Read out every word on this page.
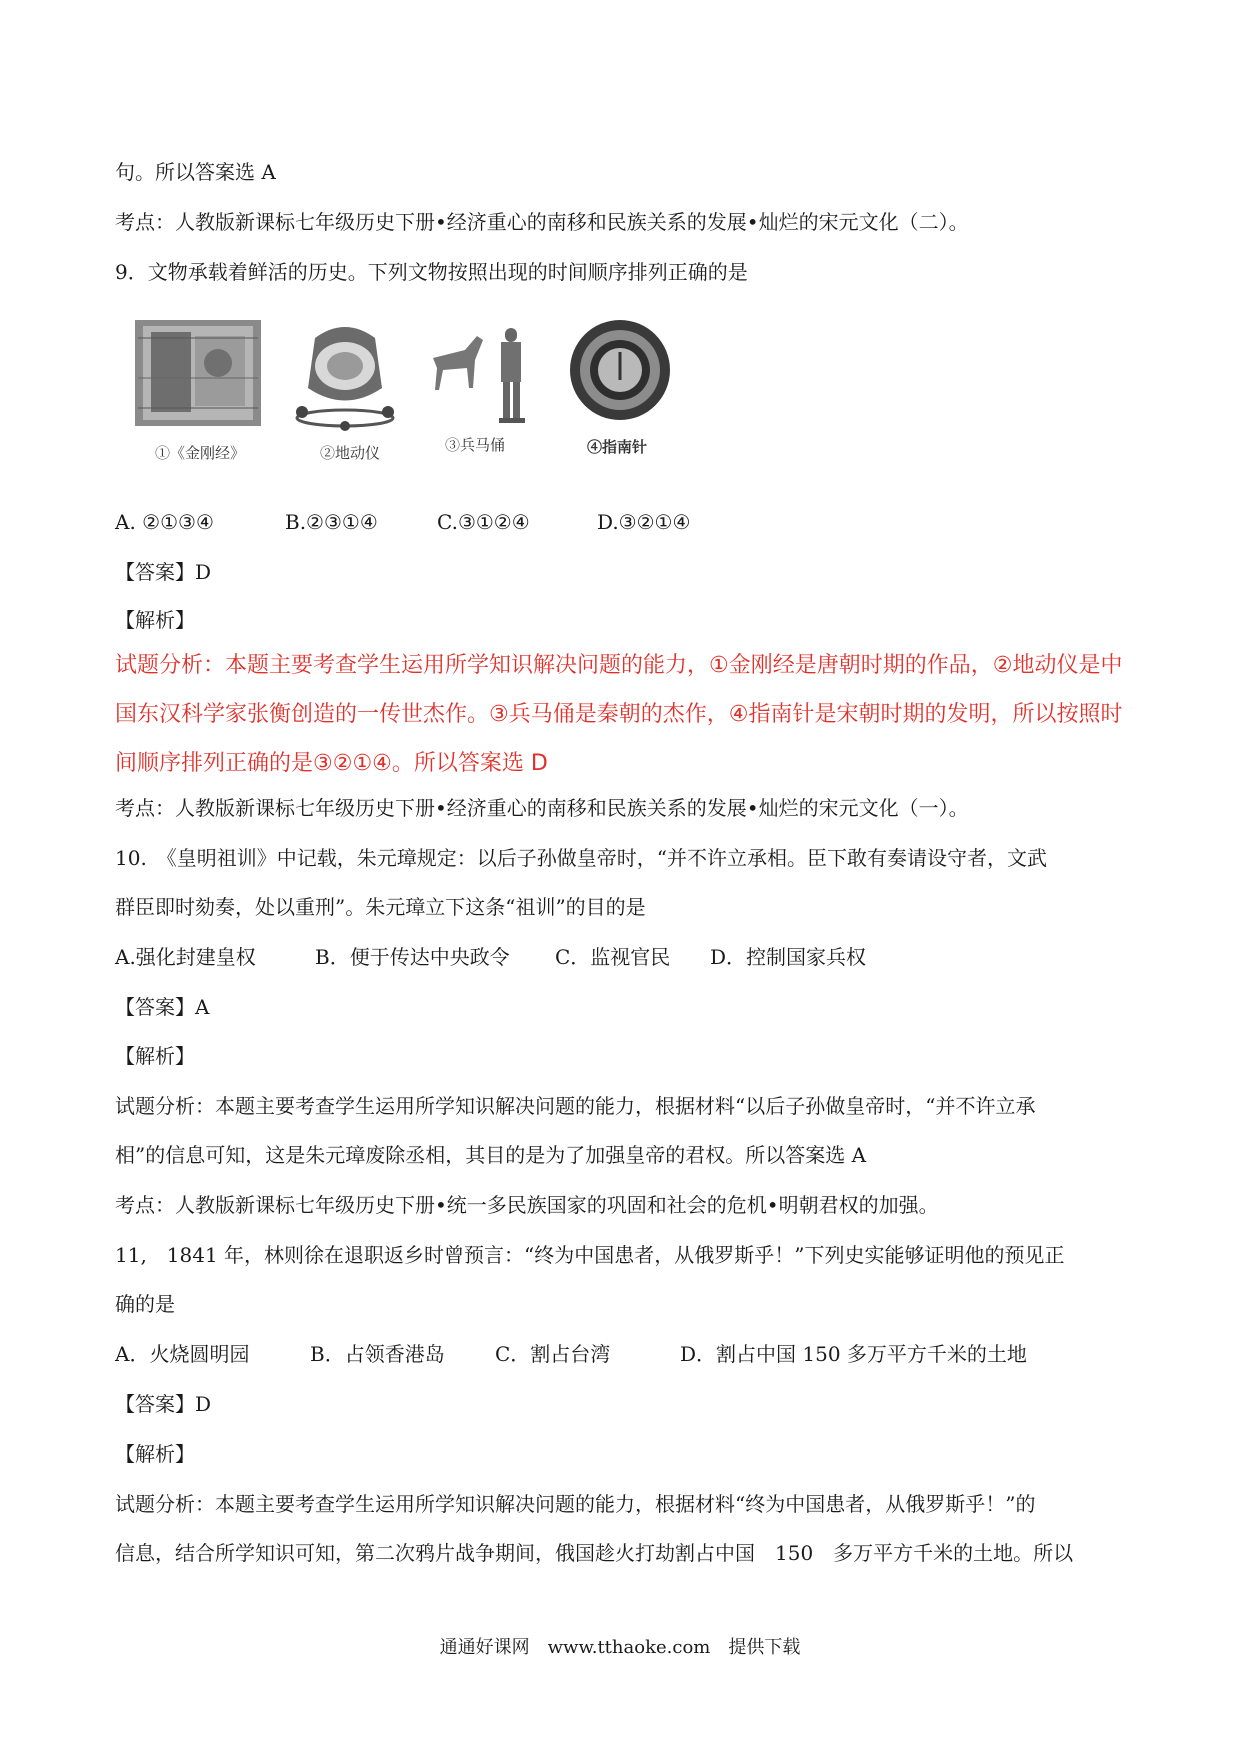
句。所以答案选 A
考点：人教版新课标七年级历史下册•经济重心的南移和民族关系的发展•灿烂的宋元文化（二）。
9．文物承载着鲜活的历史。下列文物按照出现的时间顺序排列正确的是
①《金刚经》	②地动仪	③兵马俑	④指南针
A. ②①③④	B.②③①④	C.③①②④	D.③②①④
【答案】D
【解析】
试题分析：本题主要考查学生运用所学知识解决问题的能力，①金刚经是唐朝时期的作品，②地动仪是中
国东汉科学家张衡创造的一传世杰作。③兵马俑是秦朝的杰作，④指南针是宋朝时期的发明，所以按照时
间顺序排列正确的是③②①④。所以答案选 D
考点：人教版新课标七年级历史下册•经济重心的南移和民族关系的发展•灿烂的宋元文化（一）。
10.　《皇明祖训》中记载，朱元璋规定：以后子孙做皇帝时，“并不许立承相。臣下敢有奏请设守者，文武
群臣即时劾奏，处以重刑”。朱元璋立下这条“祖训”的目的是
A.强化封建皇权	B．便于传达中央政令 C．监视官民 D．控制国家兵权
【答案】A
【解析】
试题分析：本题主要考查学生运用所学知识解决问题的能力，根据材料“以后子孙做皇帝时，“并不许立承
相”的信息可知，这是朱元璋废除丞相，其目的是为了加强皇帝的君权。所以答案选 A
考点：人教版新课标七年级历史下册•统一多民族国家的巩固和社会的危机•明朝君权的加强。
11,　1841 年，林则徐在退职返乡时曾预言：“终为中国患者，从俄罗斯乎！”下列史实能够证明他的预见正
确的是
A．火烧圆明园	B．占领香港岛	C．割占台湾	D．割占中国 150 多万平方千米的土地
【答案】D
【解析】
试题分析：本题主要考查学生运用所学知识解决问题的能力，根据材料“终为中国患者，从俄罗斯乎！”的
信息，结合所学知识可知，第二次鸦片战争期间，俄国趁火打劫割占中国　150　多万平方千米的土地。所以
通通好课网　www.tthaoke.com　提供下载
